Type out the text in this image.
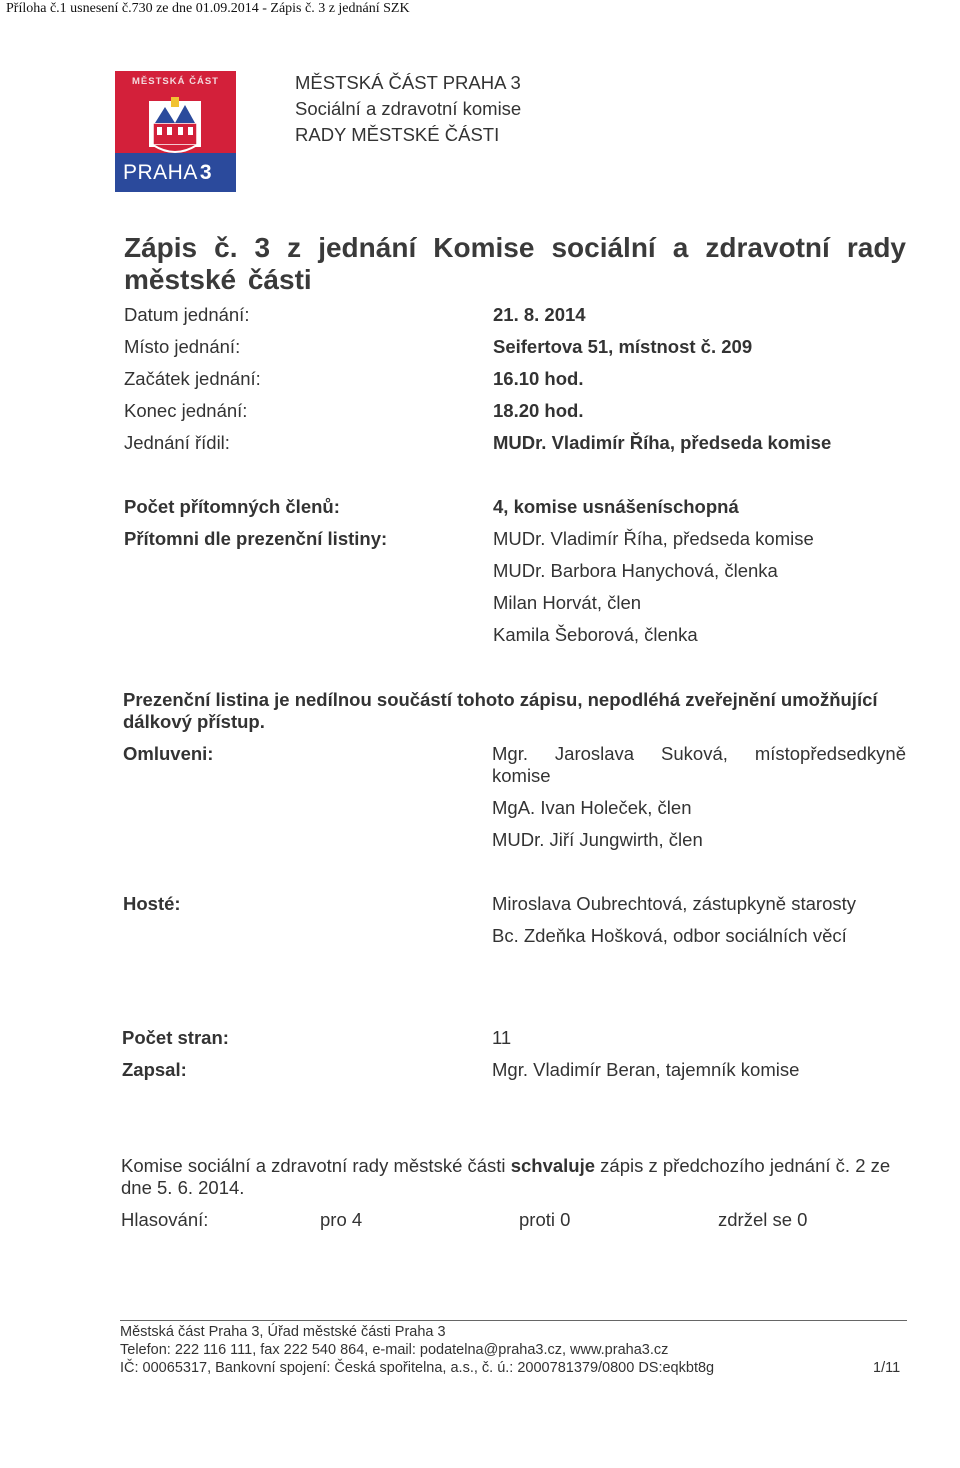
Příloha č.1 usnesení č.730 ze dne 01.09.2014 - Zápis č. 3 z jednání SZK
MĚSTSKÁ ČÁST
PRAHA3
MĚSTSKÁ ČÁST PRAHA 3
Sociální a zdravotní komise
RADY MĚSTSKÉ ČÁSTI
Zápis č. 3 z jednání Komise sociální a zdravotní rady
městské části
Datum jednání:	21. 8. 2014
Místo jednání:	Seifertova 51, místnost č. 209
Začátek jednání:	16.10 hod.
Konec jednání:	18.20 hod.
Jednání řídil:	MUDr. Vladimír Říha, předseda komise
Počet přítomných členů:	4, komise usnášeníschopná
Přítomni dle prezenční listiny:	MUDr. Vladimír Říha, předseda komise
MUDr. Barbora Hanychová, členka
Milan Horvát, člen
Kamila Šeborová, členka
Prezenční listina je nedílnou součástí tohoto zápisu, nepodléhá zveřejnění umožňující dálkový přístup.
Omluveni:	Mgr. Jaroslava Suková, místopředsedkyně
komise
MgA. Ivan Holeček, člen
MUDr. Jiří Jungwirth, člen
Hosté:	Miroslava Oubrechtová, zástupkyně starosty
Bc. Zdeňka Hošková, odbor sociálních věcí
Počet stran:	11
Zapsal:	Mgr. Vladimír Beran, tajemník komise
Komise sociální a zdravotní rady městské části schvaluje zápis z předchozího jednání č. 2 ze dne 5. 6. 2014.
Hlasování:	pro 4	proti 0	zdržel se 0
Městská část Praha 3, Úřad městské části Praha 3
Telefon: 222 116 111, fax 222 540 864, e-mail: podatelna@praha3.cz, www.praha3.cz
IČ: 00065317, Bankovní spojení: Česká spořitelna, a.s., č. ú.: 2000781379/0800 DS:eqkbt8g	1/11
